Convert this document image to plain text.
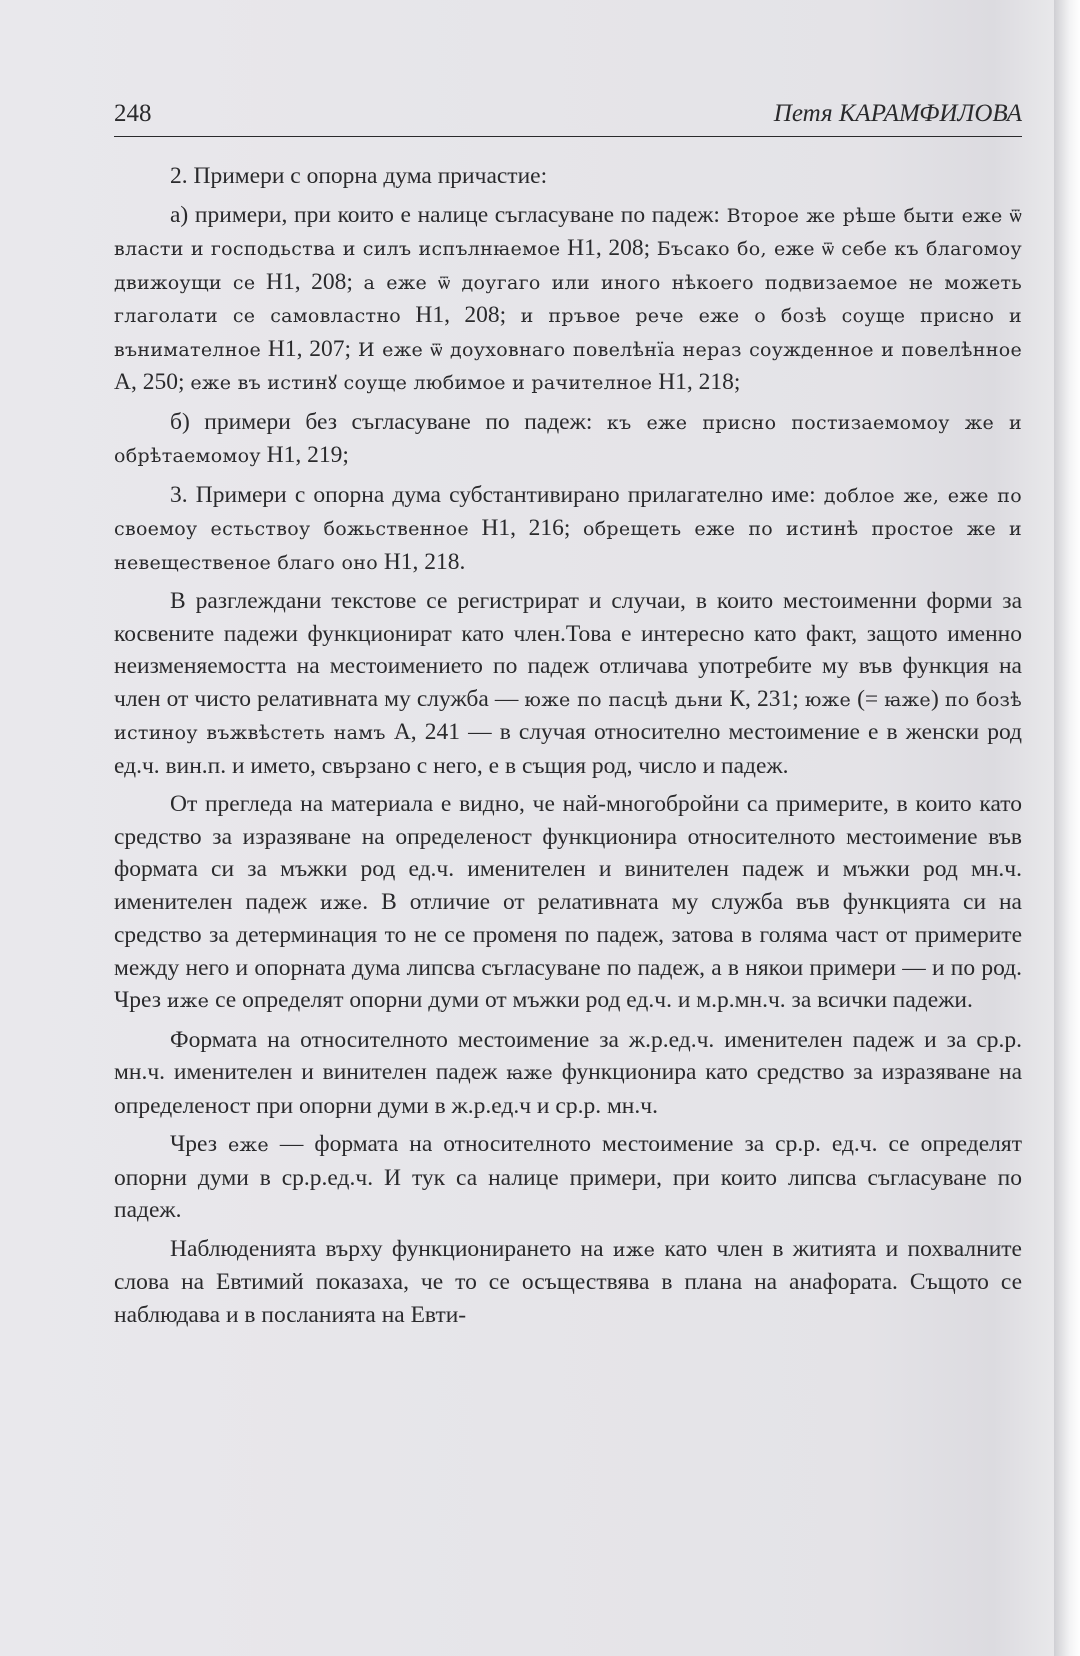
248	Петя КАРАМФИЛОВА

2. Примери с опорна дума причастие:

а) примери, при които е налице съгласуване по падеж: Второе же рѣше быти еже ѿ власти и господьства и силъ испълнꙗемое Н1, 208; Бъсако бо, еже ѿ себе къ благомоу движоущи се Н1, 208; а еже ѿ доугаго или иного нѣкоего подвизаемое не можеть глаголати се самовластно Н1, 208; и пръвое рече еже о бозѣ соуще присно и вънимателное Н1, 207; И еже ѿ доуховнаго повелѣнїа нераз соужденное и повелѣнное А, 250; еже въ истинꙋ соуще любимое и рачителное Н1, 218;

б) примери без съгласуване по падеж: къ еже присно постизаемомоу же и обрѣтаемомоу Н1, 219;

3. Примери с опорна дума субстантивирано прилагателно име: доблое же, еже по своемоу естьствоу божьственное Н1, 216; обрещеть еже по истинѣ простое же и невещественое благо оно Н1, 218.

В разглеждани текстове се регистрират и случаи, в които местоименни форми за косвените падежи функционират като член.Това е интересно като факт, защото именно неизменяемостта на местоимението по падеж отличава употребите му във функция на член от чисто релативната му служба — юже по пасцѣ дьни К, 231; юже (= ꙗже) по бозѣ истиноу въжвѣстеть намъ А, 241 — в случая относително местоимение е в женски род ед.ч. вин.п. и името, свързано с него, е в същия род, число и падеж.

От прегледа на материала е видно, че най-многобройни са примерите, в които като средство за изразяване на определеност функционира относителното местоимение във формата си за мъжки род ед.ч. именителен и винителен падеж и мъжки род мн.ч. именителен падеж иже. В отличие от релативната му служба във функцията си на средство за детерминация то не се променя по падеж, затова в голяма част от примерите между него и опорната дума липсва съгласуване по падеж, а в някои примери — и по род. Чрез иже се определят опорни думи от мъжки род ед.ч. и м.р.мн.ч. за всички падежи.

Формата на относителното местоимение за ж.р.ед.ч. именителен падеж и за ср.р. мн.ч. именителен и винителен падеж ꙗже функционира като средство за изразяване на определеност при опорни думи в ж.р.ед.ч и ср.р. мн.ч.

Чрез еже — формата на относителното местоимение за ср.р. ед.ч. се определят опорни думи в ср.р.ед.ч. И тук са налице примери, при които липсва съгласуване по падеж.

Наблюденията върху функционирането на иже като член в житията и похвалните слова на Евтимий показаха, че то се осъществява в плана на анафората. Същото се наблюдава и в посланията на Евти-
